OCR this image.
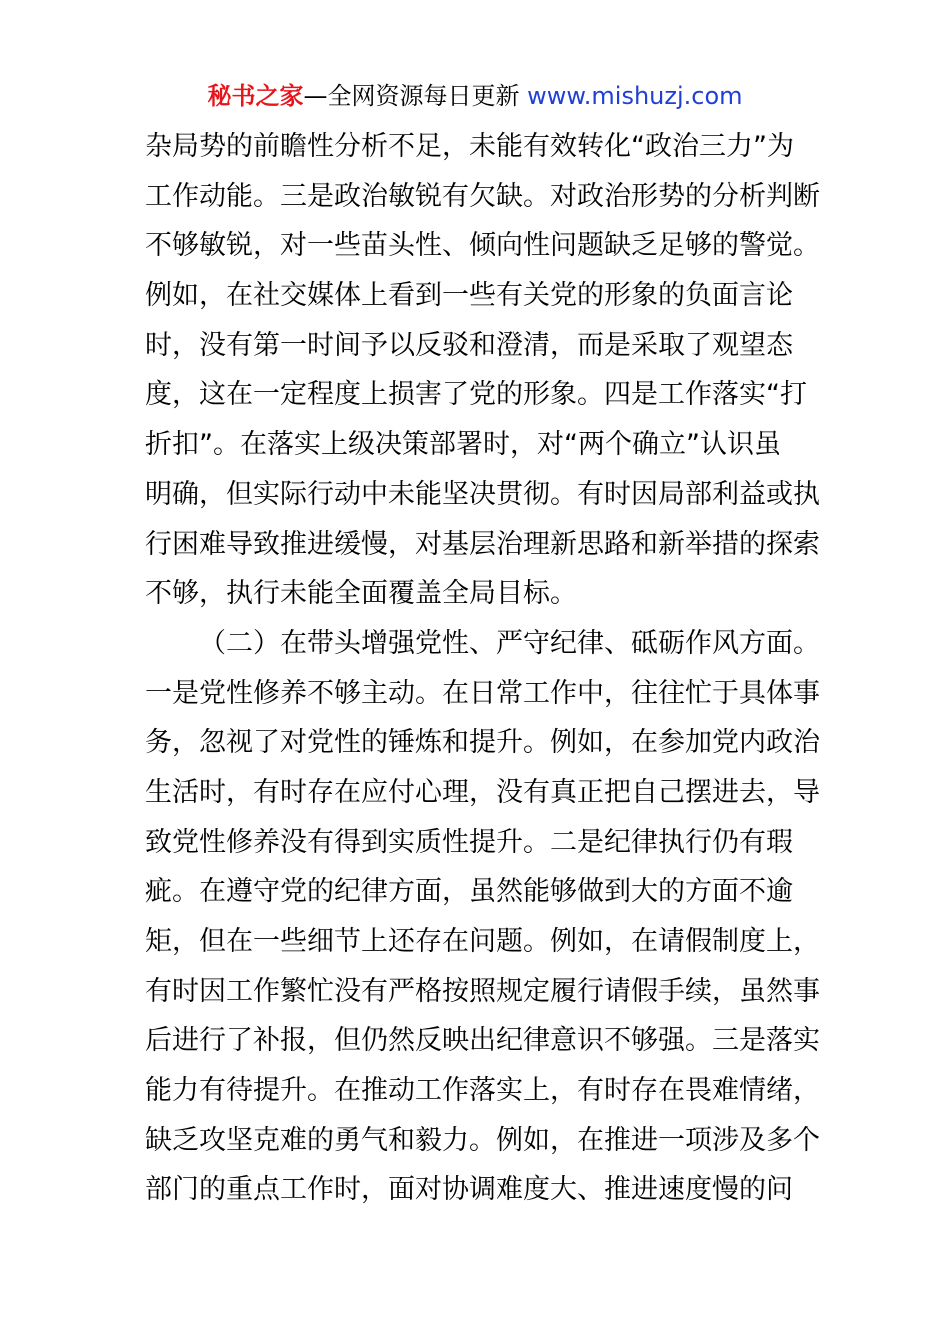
秘书之家—全网资源每日更新 www.mishuzj.com
杂局势的前瞻性分析不足，未能有效转化“政治三力”为
工作动能。三是政治敏锐有欠缺。对政治形势的分析判断
不够敏锐，对一些苗头性、倾向性问题缺乏足够的警觉。
例如，在社交媒体上看到一些有关党的形象的负面言论
时，没有第一时间予以反驳和澄清，而是采取了观望态
度，这在一定程度上损害了党的形象。四是工作落实“打
折扣”。在落实上级决策部署时，对“两个确立”认识虽
明确，但实际行动中未能坚决贯彻。有时因局部利益或执
行困难导致推进缓慢，对基层治理新思路和新举措的探索
不够，执行未能全面覆盖全局目标。
（二）在带头增强党性、严守纪律、砥砺作风方面。
一是党性修养不够主动。在日常工作中，往往忙于具体事
务，忽视了对党性的锤炼和提升。例如，在参加党内政治
生活时，有时存在应付心理，没有真正把自己摆进去，导
致党性修养没有得到实质性提升。二是纪律执行仍有瑕
疵。在遵守党的纪律方面，虽然能够做到大的方面不逾
矩，但在一些细节上还存在问题。例如，在请假制度上，
有时因工作繁忙没有严格按照规定履行请假手续，虽然事
后进行了补报，但仍然反映出纪律意识不够强。三是落实
能力有待提升。在推动工作落实上，有时存在畏难情绪，
缺乏攻坚克难的勇气和毅力。例如，在推进一项涉及多个
部门的重点工作时，面对协调难度大、推进速度慢的问
